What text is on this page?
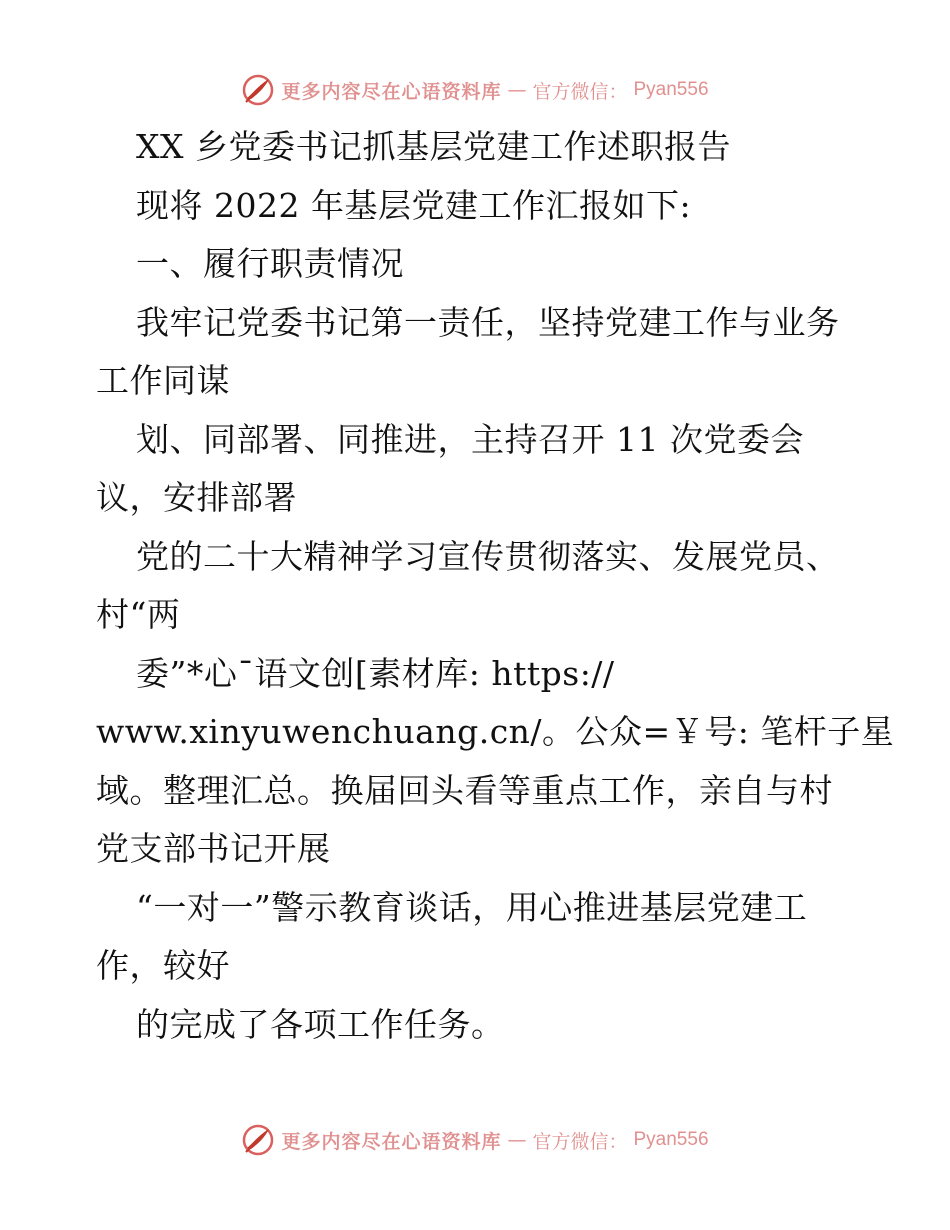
更多内容尽在心语资料库 — 官方微信： Pyan556
XX 乡党委书记抓基层党建工作述职报告
现将 2022 年基层党建工作汇报如下:
一、履行职责情况
我牢记党委书记第一责任，坚持党建工作与业务
工作同谋
划、同部署、同推进，主持召开 11 次党委会
议，安排部署
党的二十大精神学习宣传贯彻落实、发展党员、
村“两
委”*心¯语文创[素材库: https://
www.xinyuwenchuang.cn/。公众=￥号: 笔杆子星
域。整理汇总。换届回头看等重点工作，亲自与村
党支部书记开展
“一对一”警示教育谈话，用心推进基层党建工
作，较好
的完成了各项工作任务。
更多内容尽在心语资料库 — 官方微信： Pyan556
